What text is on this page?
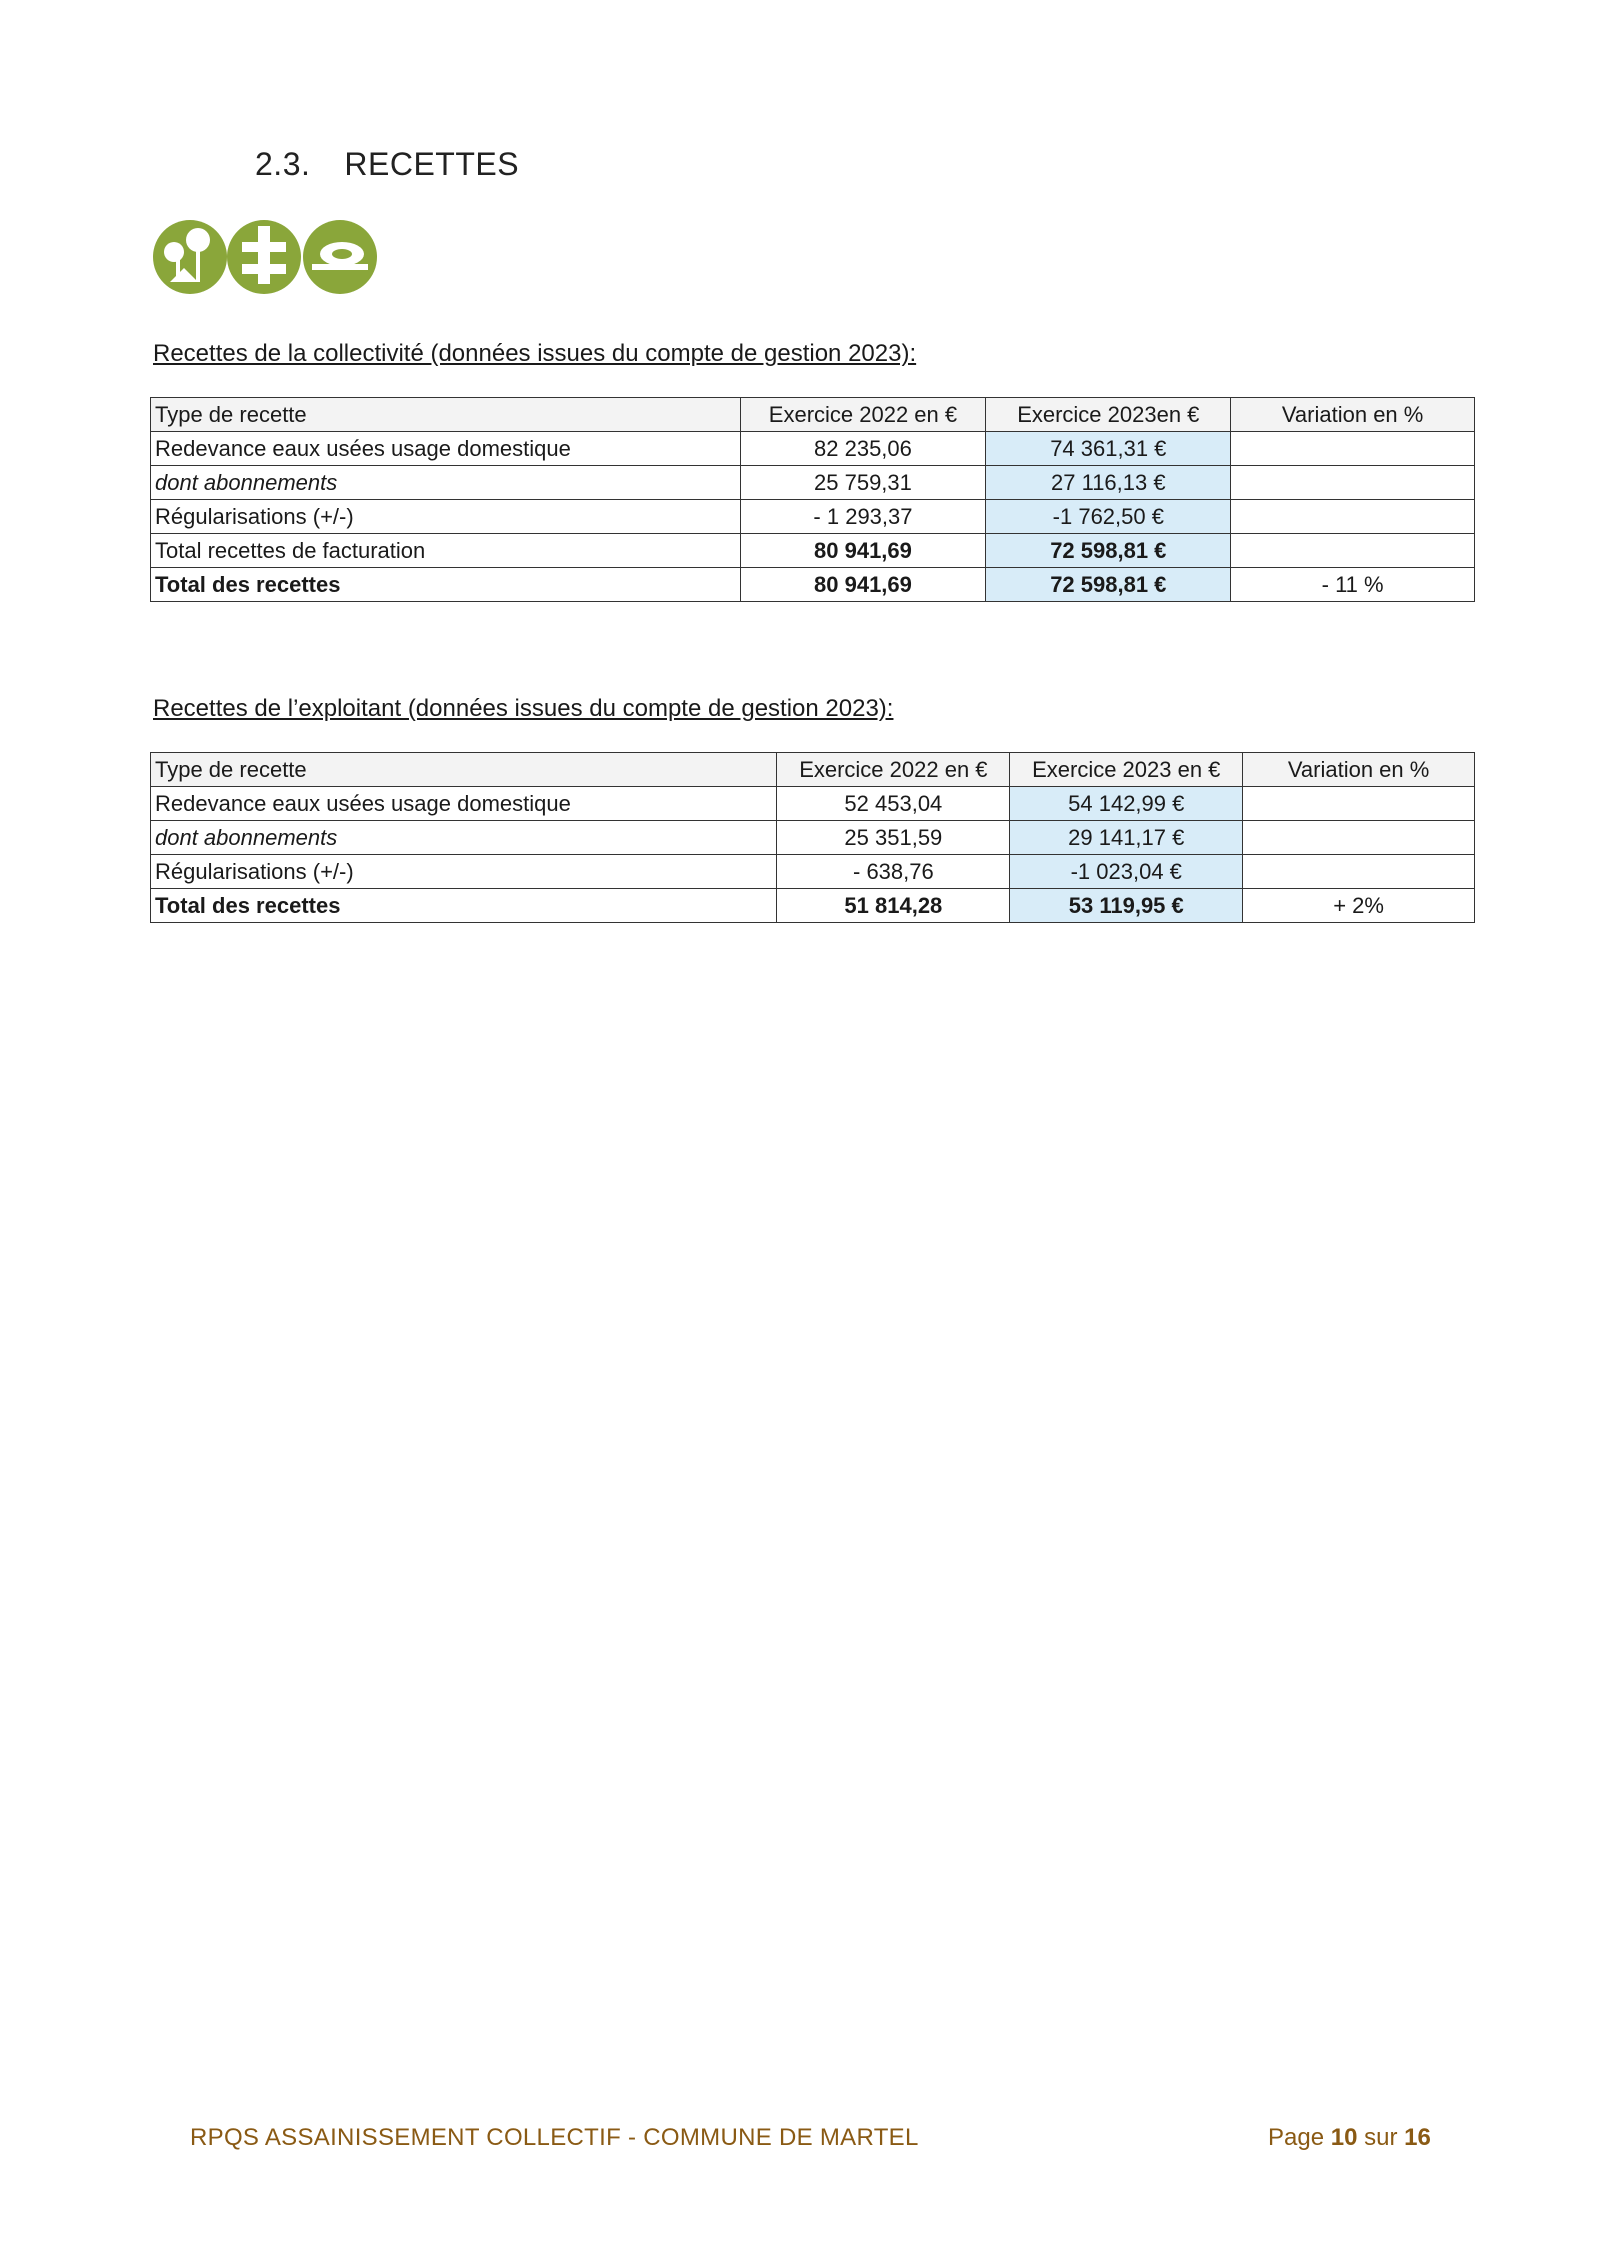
2.3. RECETTES
Recettes de la collectivité (données issues du compte de gestion 2023):
Type de recette	Exercice 2022 en €	Exercice 2023en €	Variation en %
Redevance eaux usées usage domestique	82 235,06	74 361,31 €	
dont abonnements	25 759,31	27 116,13 €	
Régularisations (+/-)	- 1 293,37	-1 762,50 €	
Total recettes de facturation	80 941,69	72 598,81 €	
Total des recettes	80 941,69	72 598,81 €	- 11 %
Recettes de l’exploitant (données issues du compte de gestion 2023):
Type de recette	Exercice 2022 en €	Exercice 2023 en €	Variation en %
Redevance eaux usées usage domestique	52 453,04	54 142,99 €	
dont abonnements	25 351,59	29 141,17 €	
Régularisations (+/-)	- 638,76	-1 023,04 €	
Total des recettes	51 814,28	53 119,95 €	+ 2%
RPQS ASSAINISSEMENT COLLECTIF - COMMUNE DE MARTEL	Page 10 sur 16
